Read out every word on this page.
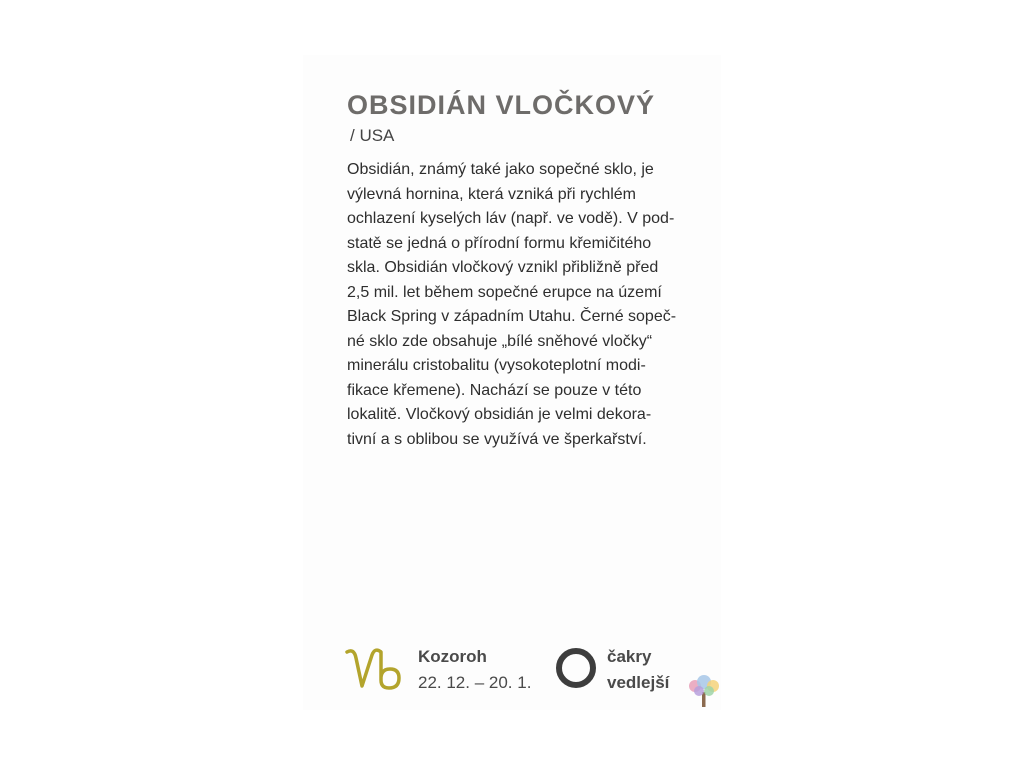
OBSIDIÁN VLOČKOVÝ
/ USA
Obsidián, známý také jako sopečné sklo, je
výlevná hornina, která vzniká při rychlém
ochlazení kyselých láv (např. ve vodě). V pod-
statě se jedná o přírodní formu křemičitého
skla. Obsidián vločkový vznikl přibližně před
2,5 mil. let během sopečné erupce na území
Black Spring v západním Utahu. Černé sopeč-
né sklo zde obsahuje „bílé sněhové vločky“
minerálu cristobalitu (vysokoteplotní modi-
fikace křemene). Nachází se pouze v této
lokalitě. Vločkový obsidián je velmi dekora-
tivní a s oblibou se využívá ve šperkařství.
Kozoroh
22. 12. – 20. 1.
čakry
vedlejší
